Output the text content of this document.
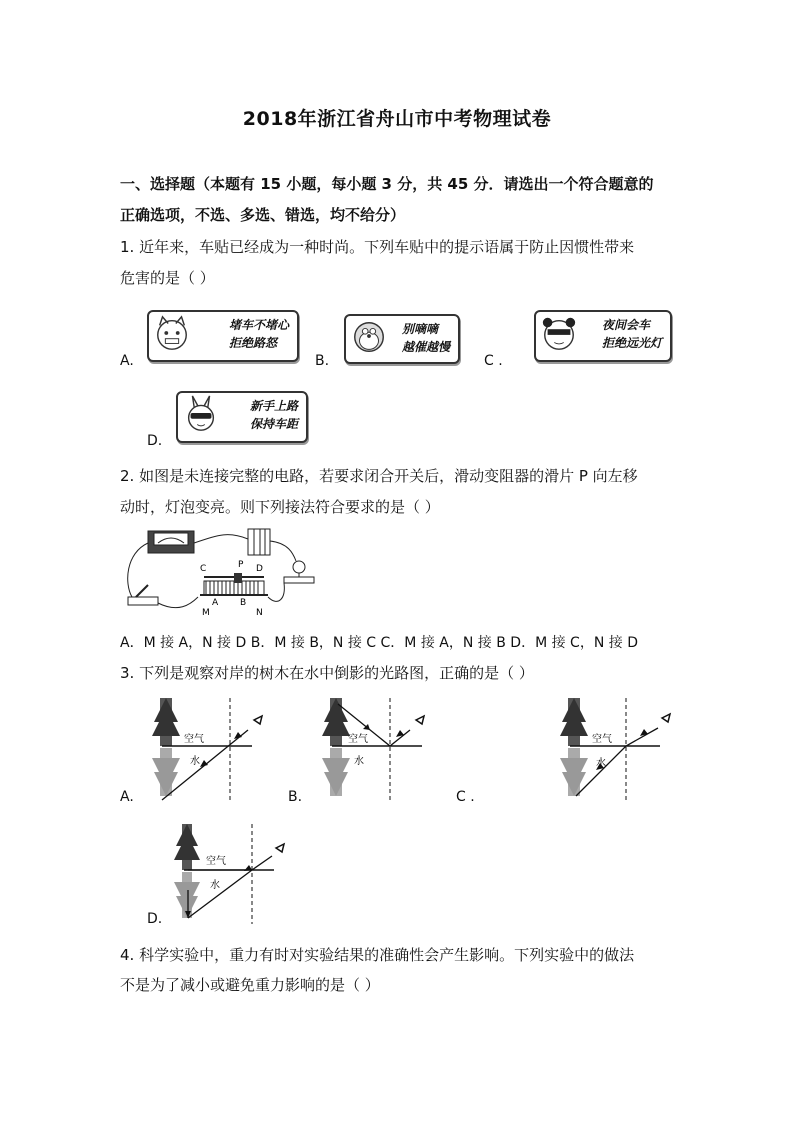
2018年浙江省舟山市中考物理试卷
一、选择题（本题有 15 小题，每小题 3 分，共 45 分．请选出一个符合题意的
正确选项，不选、多选、错选，均不给分）
1. 近年来，车贴已经成为一种时尚。下列车贴中的提示语属于防止因惯性带来
危害的是（ ）
A.
堵车不堵心
拒绝路怒
B.
别嘀嘀
越催越慢
C .
夜间会车
拒绝远光灯
D.
新手上路
保持车距
2. 如图是未连接完整的电路，若要求闭合开关后，滑动变阻器的滑片 P 向左移
动时，灯泡变亮。则下列接法符合要求的是（ ）
C	P D
A B
M	N
A．M 接 A，N 接 D B．M 接 B，N 接 C C．M 接 A，N 接 B D．M 接 C，N 接 D
3. 下列是观察对岸的树木在水中倒影的光路图，正确的是（ ）
A.
空气
水
B.
空气
水
C .
空气
水
D.
空气
水
4. 科学实验中，重力有时对实验结果的准确性会产生影响。下列实验中的做法
不是为了减小或避免重力影响的是（ ）
